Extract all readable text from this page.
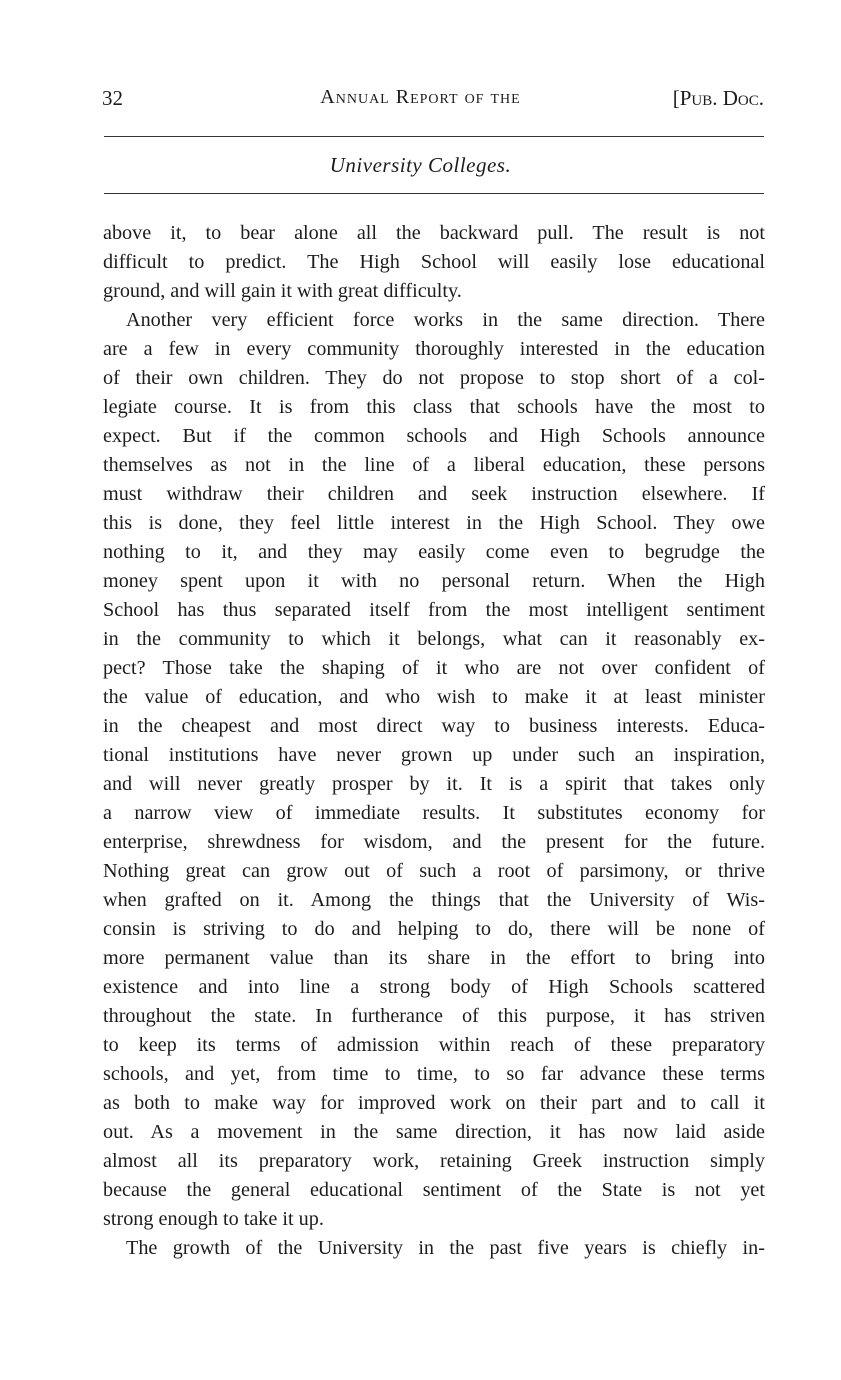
32	Annual Report of the	[Pub. Doc.
University Colleges.
above it, to bear alone all the backward pull. The result is not
difficult to predict. The High School will easily lose educational
ground, and will gain it with great difficulty.
Another very efficient force works in the same direction. There
are a few in every community thoroughly interested in the education
of their own children. They do not propose to stop short of a col-
legiate course. It is from this class that schools have the most to
expect. But if the common schools and High Schools announce
themselves as not in the line of a liberal education, these persons
must withdraw their children and seek instruction elsewhere. If
this is done, they feel little interest in the High School. They owe
nothing to it, and they may easily come even to begrudge the
money spent upon it with no personal return. When the High
School has thus separated itself from the most intelligent sentiment
in the community to which it belongs, what can it reasonably ex-
pect? Those take the shaping of it who are not over confident of
the value of education, and who wish to make it at least minister
in the cheapest and most direct way to business interests. Educa-
tional institutions have never grown up under such an inspiration,
and will never greatly prosper by it. It is a spirit that takes only
a narrow view of immediate results. It substitutes economy for
enterprise, shrewdness for wisdom, and the present for the future.
Nothing great can grow out of such a root of parsimony, or thrive
when grafted on it. Among the things that the University of Wis-
consin is striving to do and helping to do, there will be none of
more permanent value than its share in the effort to bring into
existence and into line a strong body of High Schools scattered
throughout the state. In furtherance of this purpose, it has striven
to keep its terms of admission within reach of these preparatory
schools, and yet, from time to time, to so far advance these terms
as both to make way for improved work on their part and to call it
out. As a movement in the same direction, it has now laid aside
almost all its preparatory work, retaining Greek instruction simply
because the general educational sentiment of the State is not yet
strong enough to take it up.
The growth of the University in the past five years is chiefly in-
